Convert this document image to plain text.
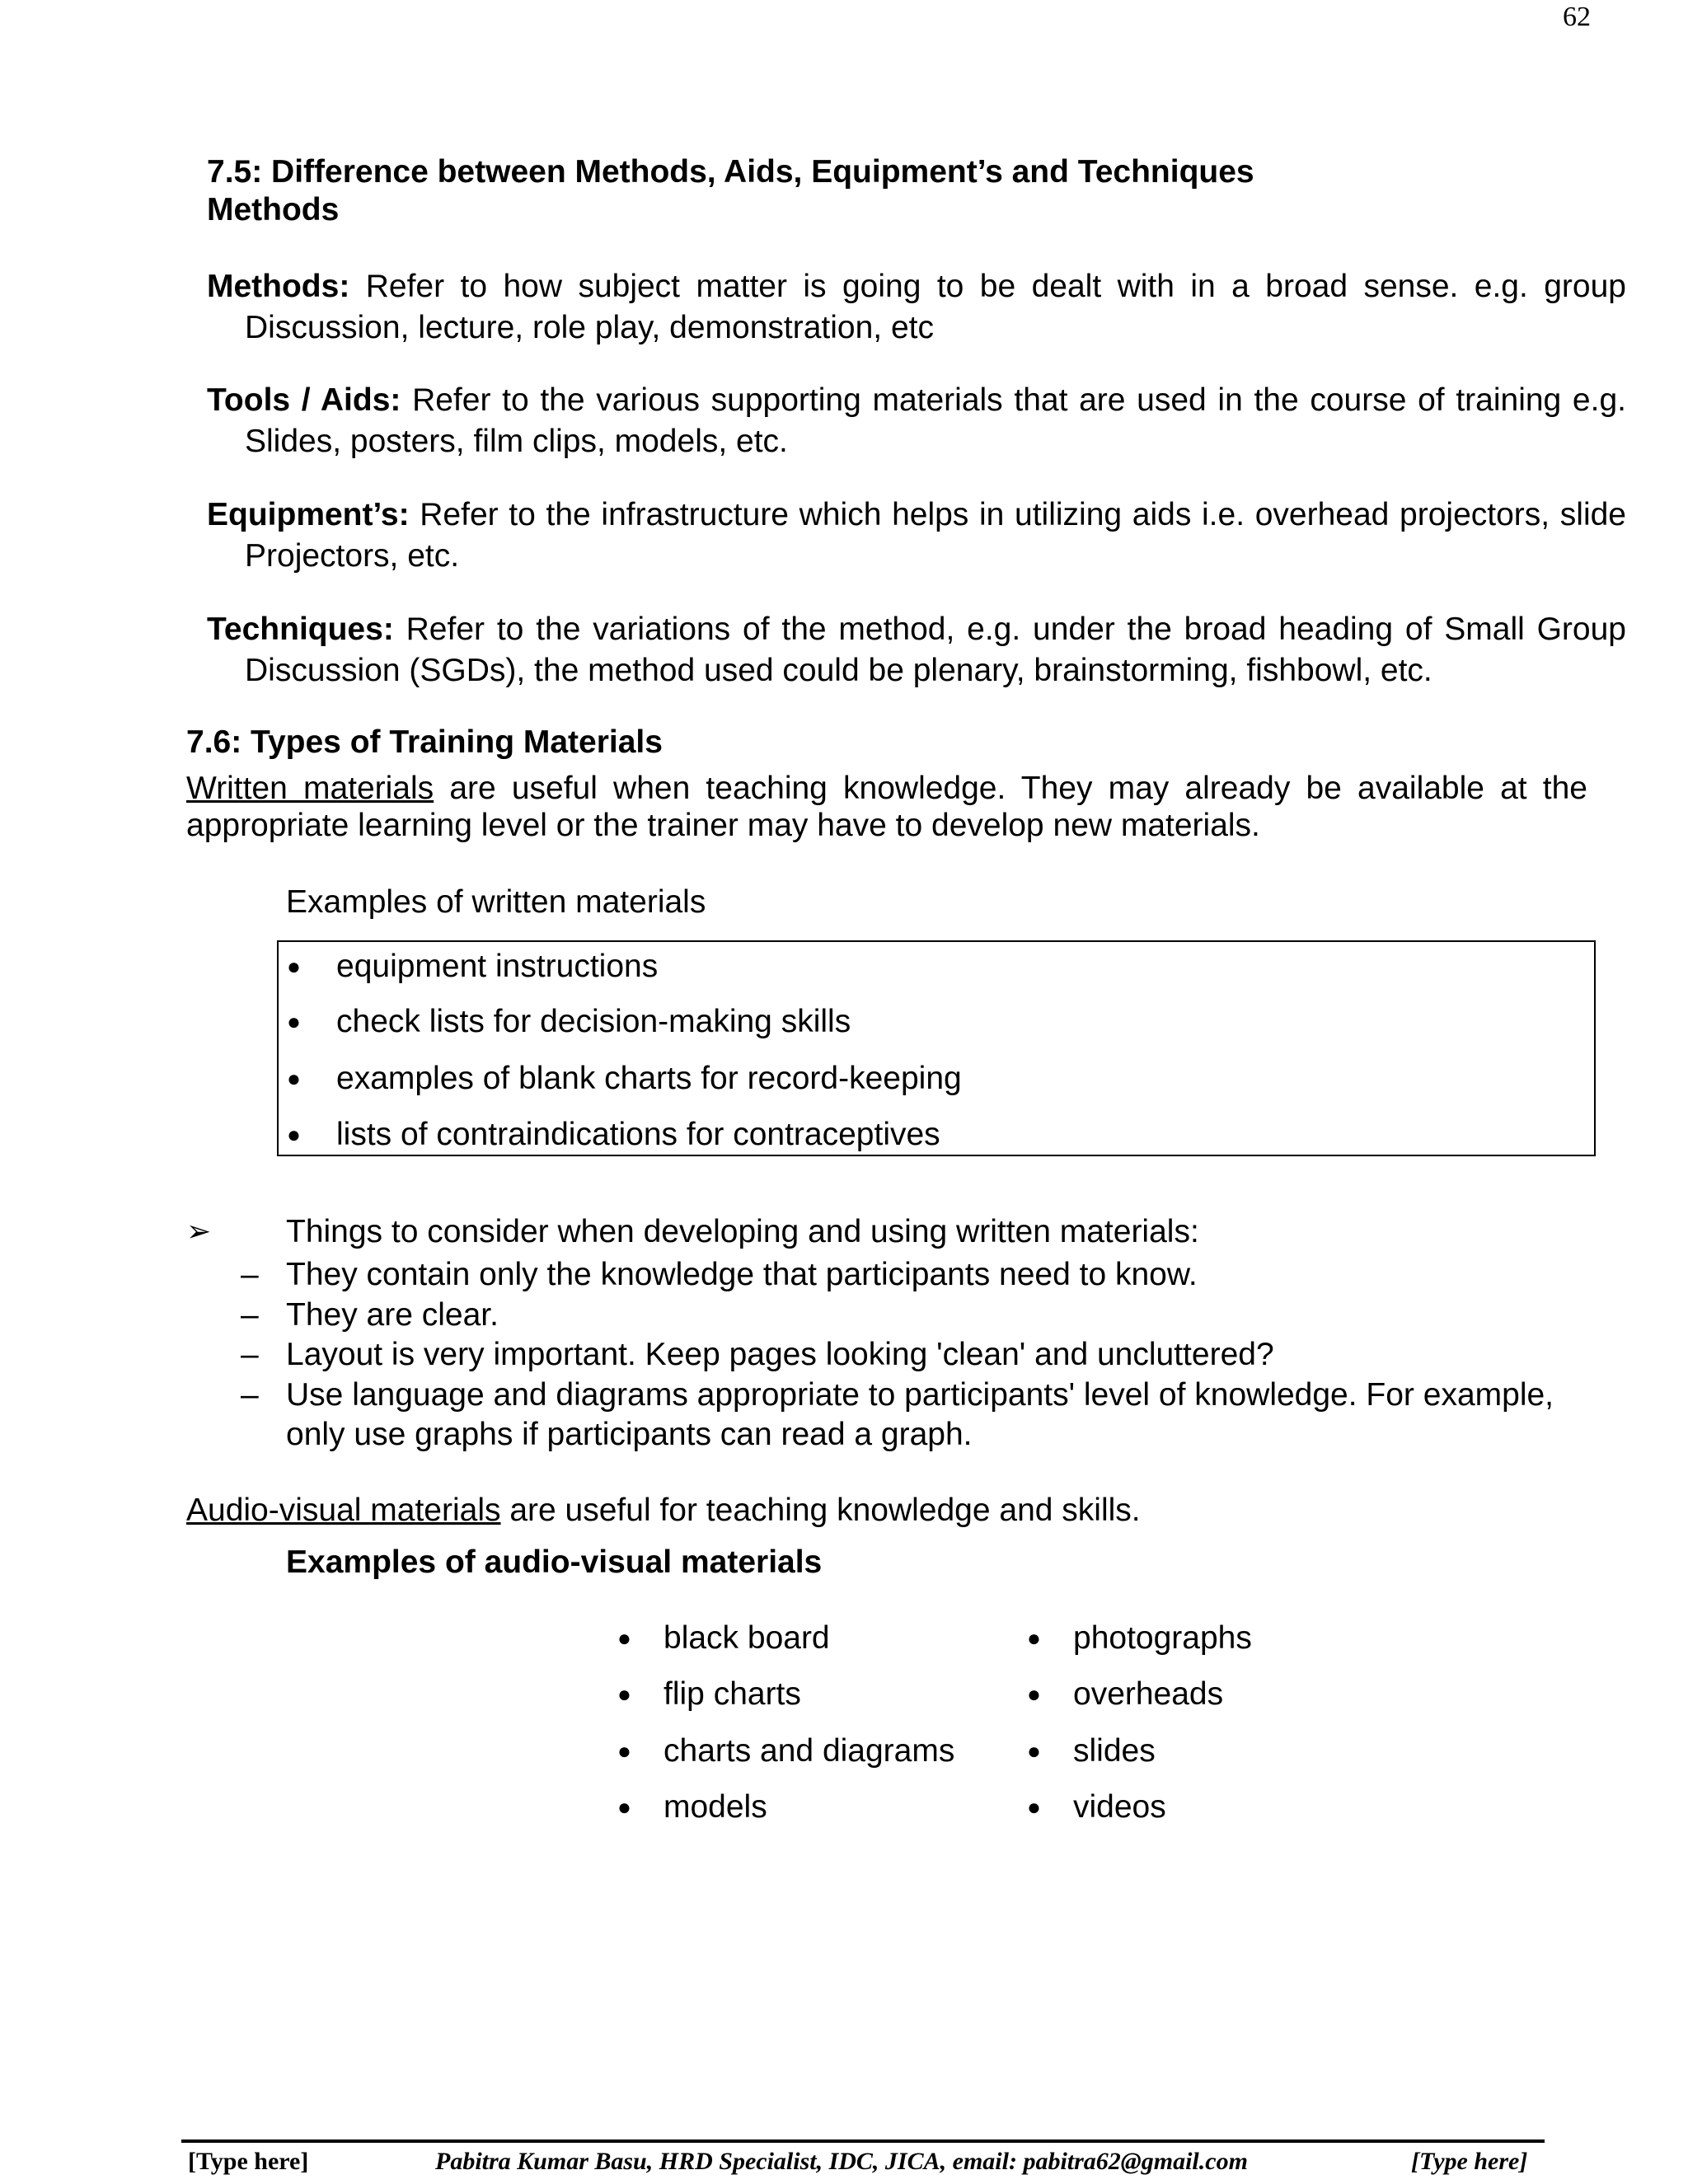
62
7.5: Difference between Methods, Aids, Equipment’s and Techniques
Methods

Methods: Refer to how subject matter is going to be dealt with in a broad sense. e.g. group Discussion, lecture, role play, demonstration, etc

Tools / Aids: Refer to the various supporting materials that are used in the course of training e.g. Slides, posters, film clips, models, etc.

Equipment’s: Refer to the infrastructure which helps in utilizing aids i.e. overhead projectors, slide Projectors, etc.

Techniques: Refer to the variations of the method, e.g. under the broad heading of Small Group Discussion (SGDs), the method used could be plenary, brainstorming, fishbowl, etc.

7.6: Types of Training Materials

Written materials are useful when teaching knowledge. They may already be available at the appropriate learning level or the trainer may have to develop new materials.

Examples of written materials

● equipment instructions
● check lists for decision-making skills
● examples of blank charts for record-keeping
● lists of contraindications for contraceptives
➢ Things to consider when developing and using written materials:
– They contain only the knowledge that participants need to know.
– They are clear.
– Layout is very important. Keep pages looking 'clean' and uncluttered?
– Use language and diagrams appropriate to participants' level of knowledge. For example, only use graphs if participants can read a graph.

Audio-visual materials are useful for teaching knowledge and skills.

Examples of audio-visual materials

● black board
● flip charts
● charts and diagrams
● models
● photographs
● overheads
● slides
● videos
[Type here]	Pabitra Kumar Basu, HRD Specialist, IDC, JICA, email: pabitra62@gmail.com	[Type here]
